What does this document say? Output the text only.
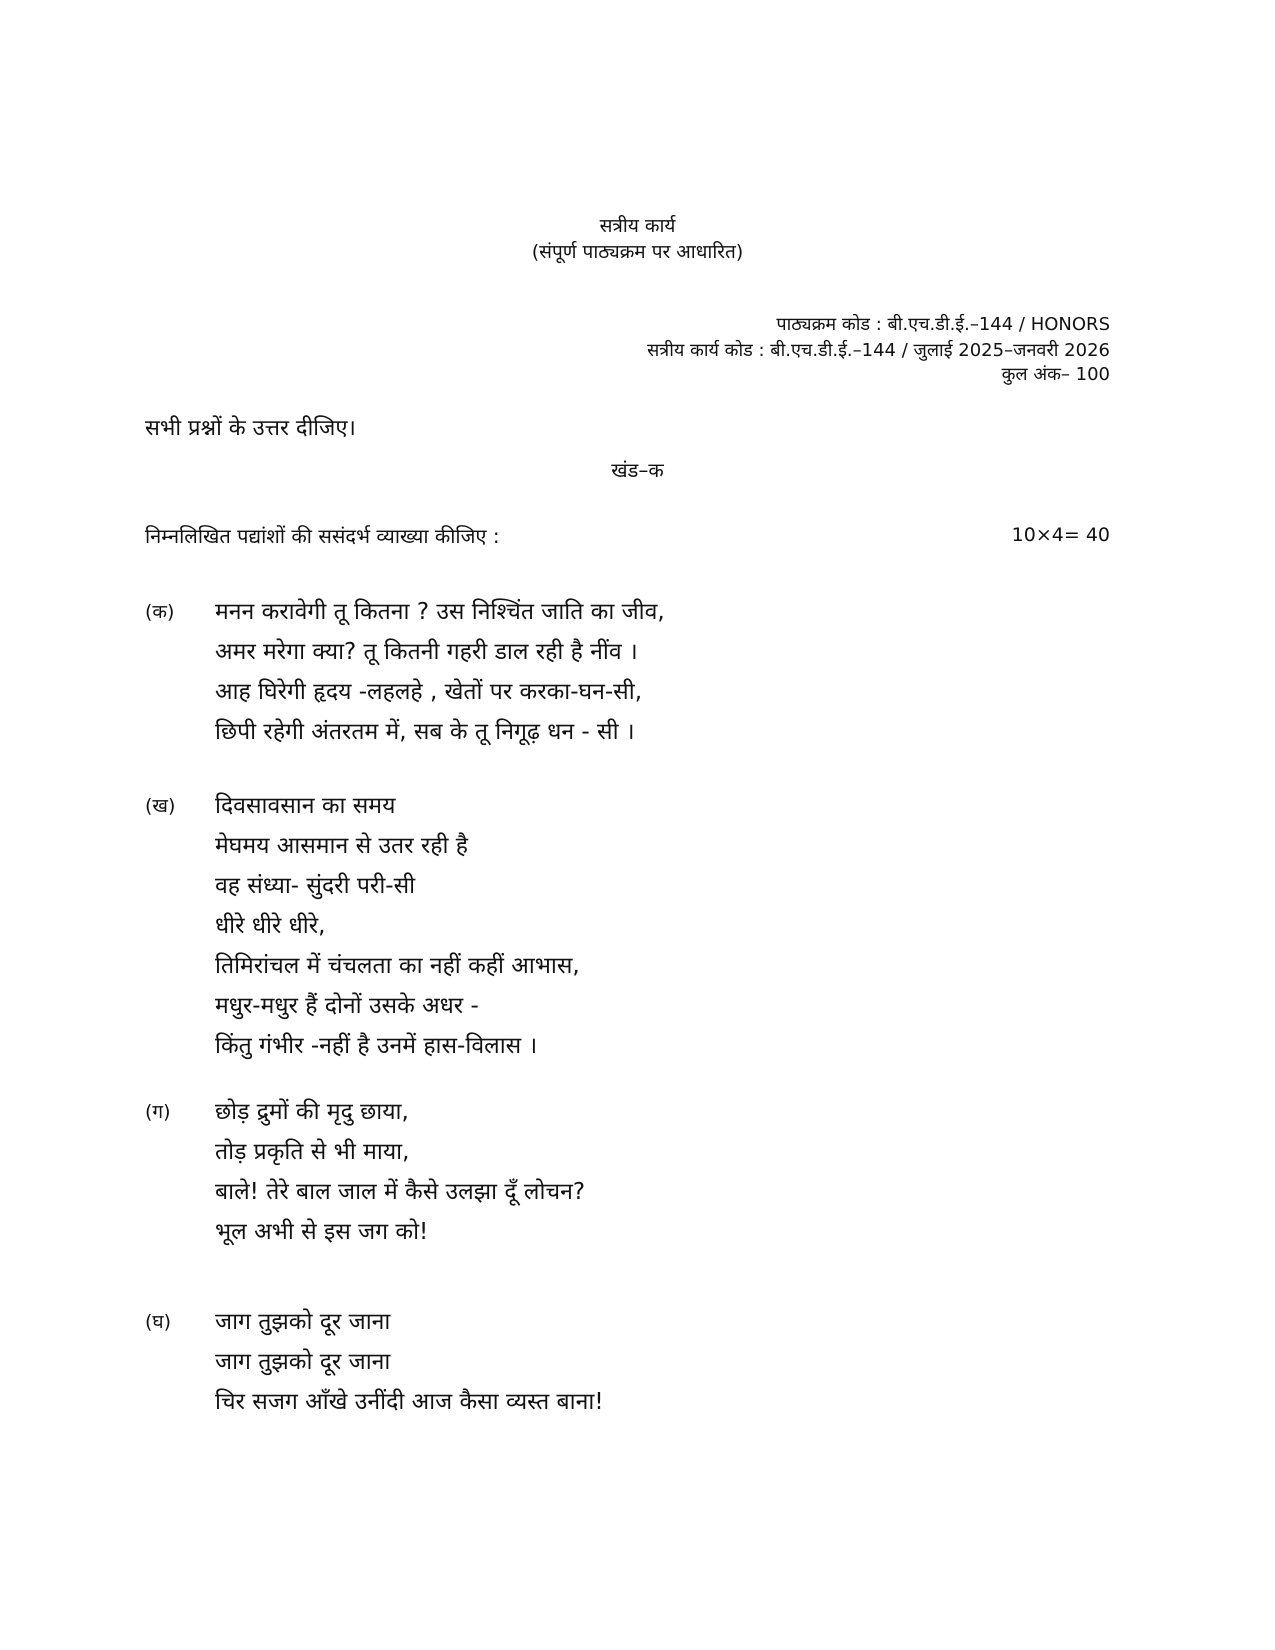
सत्रीय कार्य
(संपूर्ण पाठ्यक्रम पर आधारित)
पाठ्यक्रम कोड : बी.एच.डी.ई.–144 / HONORS
सत्रीय कार्य कोड : बी.एच.डी.ई.–144 / जुलाई 2025–जनवरी 2026
कुल अंक– 100
सभी प्रश्नों के उत्तर दीजिए।
खंड–क
निम्नलिखित पद्यांशों की ससंदर्भ व्याख्या कीजिए :	10×4= 40
(क) मनन करावेगी तू कितना ? उस निश्चिंत जाति का जीव,
अमर मरेगा क्या? तू कितनी गहरी डाल रही है नींव ।
आह घिरेगी हृदय -लहलहे , खेतों पर करका-घन-सी,
छिपी रहेगी अंतरतम में, सब के तू निगूढ़ धन - सी ।
(ख) दिवसावसान का समय
मेघमय आसमान से उतर रही है
वह संध्या- सुंदरी परी-सी
धीरे धीरे धीरे,
तिमिरांचल में चंचलता का नहीं कहीं आभास,
मधुर-मधुर हैं दोनों उसके अधर -
किंतु गंभीर -नहीं है उनमें हास-विलास ।
(ग) छोड़ द्रुमों की मृदु छाया,
तोड़ प्रकृति से भी माया,
बाले! तेरे बाल जाल में कैसे उलझा दूँ लोचन?
भूल अभी से इस जग को!
(घ) जाग तुझको दूर जाना
जाग तुझको दूर जाना
चिर सजग आँखे उनींदी आज कैसा व्यस्त बाना!
